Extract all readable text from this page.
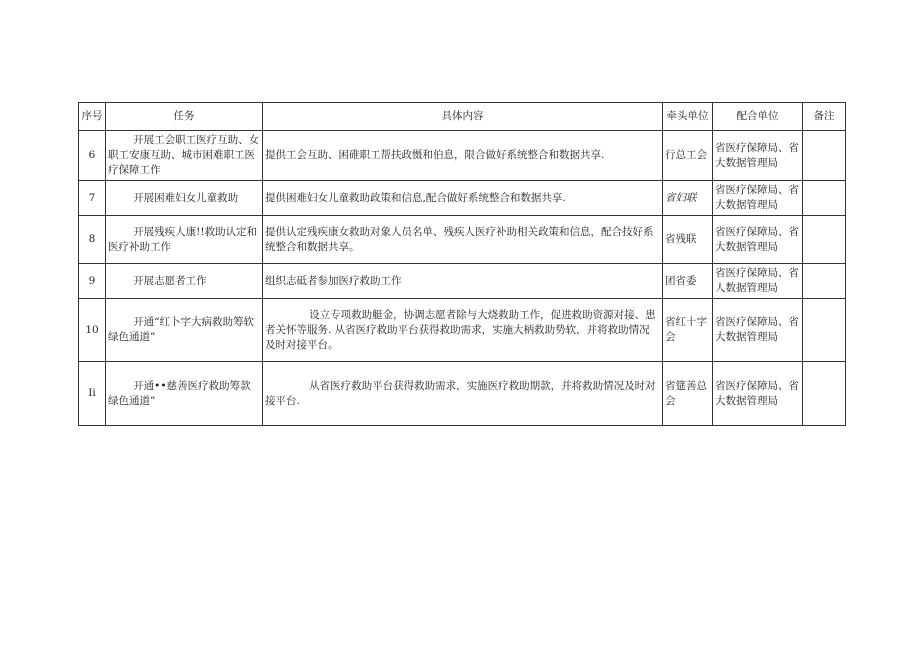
序号	任务	具体内容	牵头单位	配合单位	备注
6	开展工会职工医疗互助、女职工安康互助、城市困难职工医疗保障工作	提供工会互助、困碓职工帮扶政慑和伯息，限合做好系统整合和数据共享.	行总工会	省医疗保障局、省大数据管理局	
7	开展困难妇女儿童救助	提供困难妇女儿童救助政策和信息,配合做好系统整合和数据共享.	省妇联	省医疗保障局、省大数据管理局	
8	开展残疾人康!!救助认定和医疗补助工作	提供认定残疾康女救助对象人员名单、残疾人医疗补助相关政策和信息，配合技好系统整合和数据共享。	省残联	省医疗保障局、省大数据管理局	
9	开展志愿者工作	组织志砥者参加医疗救助工作	团省委	省医疗保障局、省人数据管理局	
10	开通“红卜字大病救助筹软绿色通道”	设立专项救助艇金，协调志愿者除与大烧救助工作，促进救助资源对接、患者关怀等服务. 从省医疗救助平台获得救助需求，实施大柄救助势软，并将救助情况及时对接平台。	省红十字会	省医疗保障局、省大数据管理局	
Ii	开通••慈善医疗救助筹款绿色通道”	从省医疗救助平台获得救助需求，实施医疗救助期款，并将救助情况及时对接平台.	省筵善总会	省医疗保障局、省大数据管理局	
